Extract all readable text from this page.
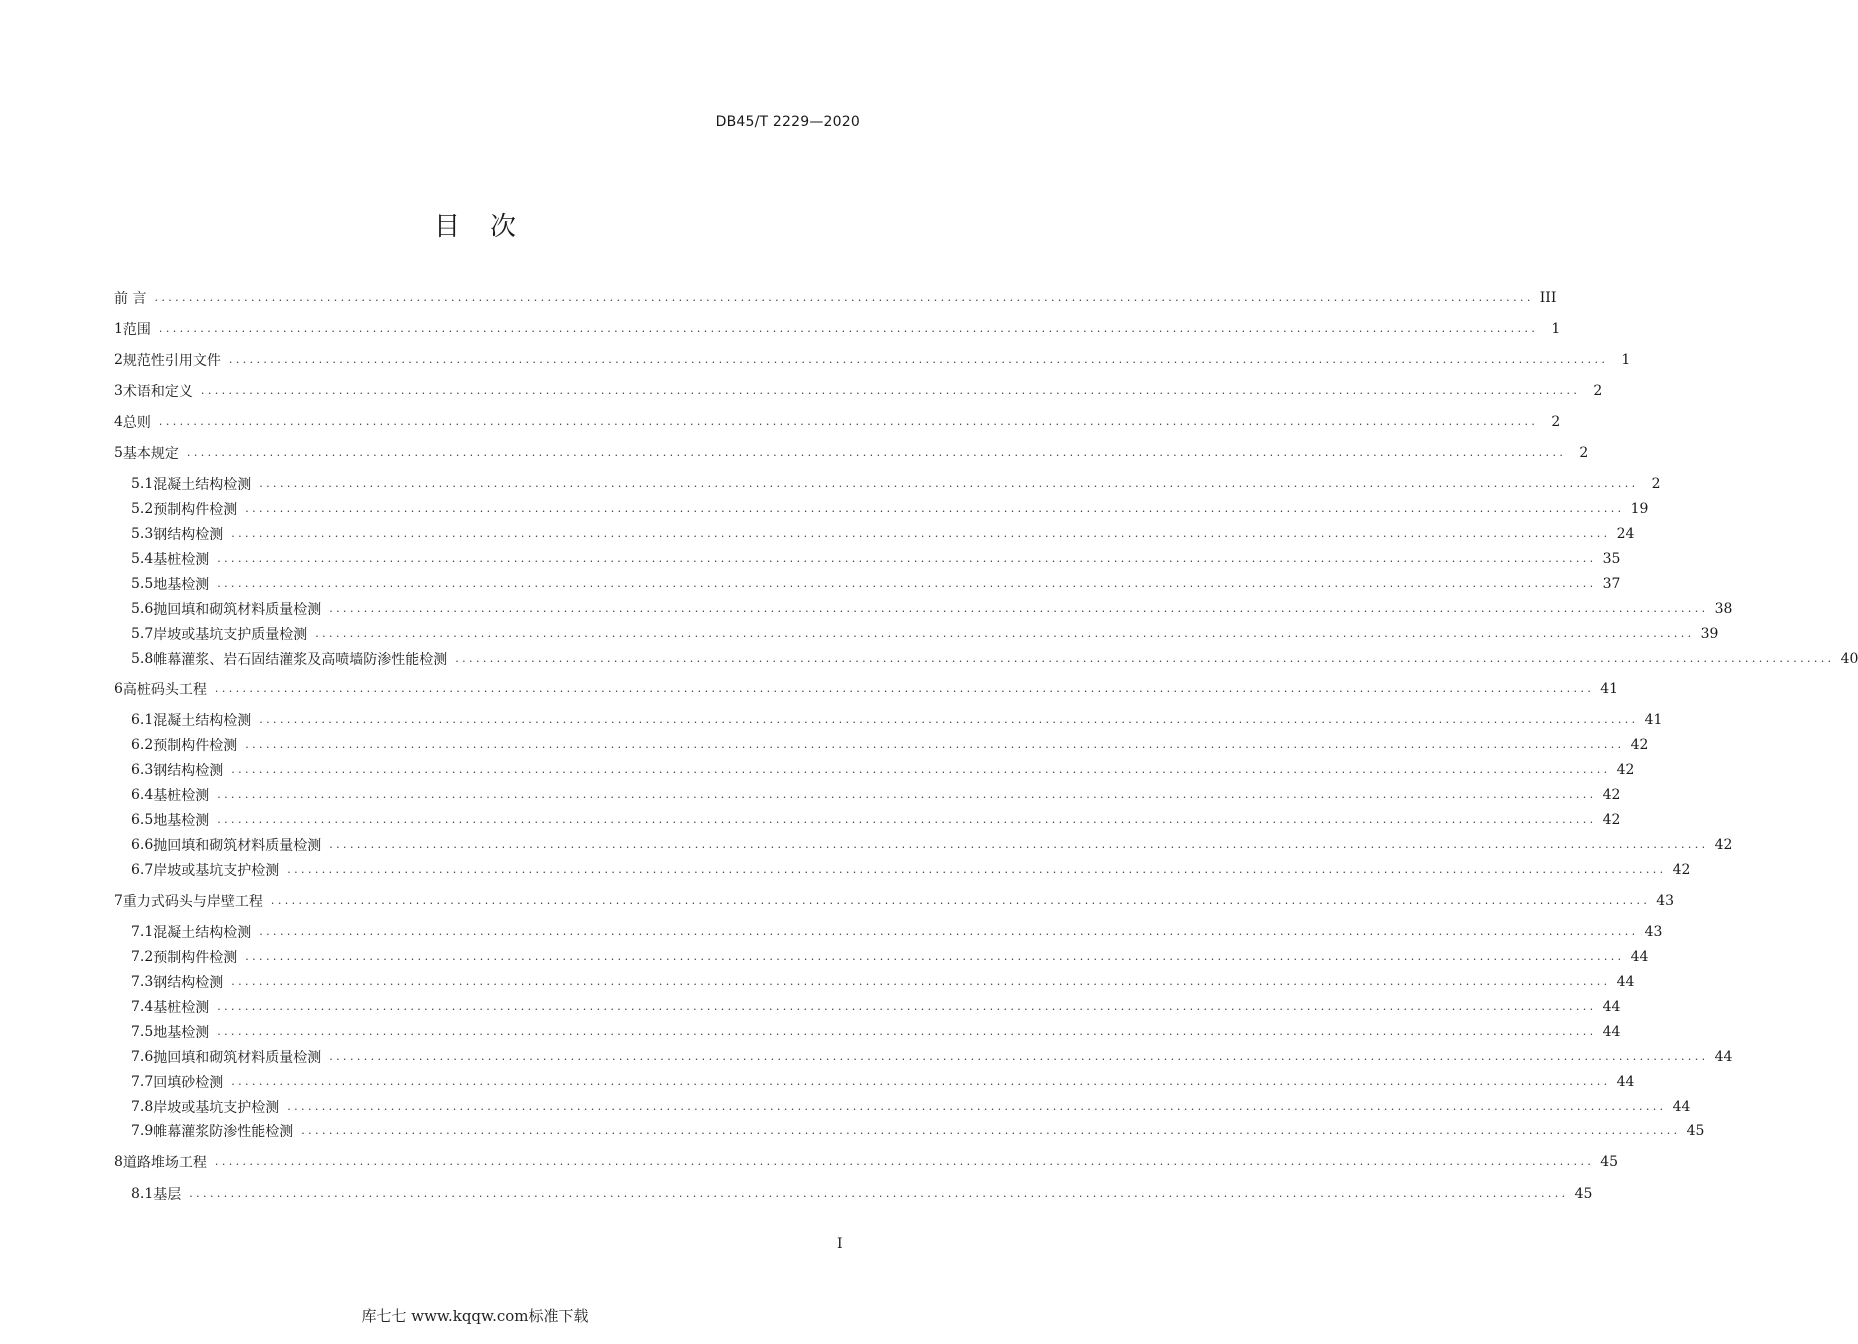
DB45/T 2229—2020
目次
前 言 ........................................................................................................................................................................................................ III
1 范围 ........................................................................................................................................................................................................ 1
2 规范性引用文件 ........................................................................................................................................................................................................ 1
3 术语和定义 ........................................................................................................................................................................................................ 2
4 总则 ........................................................................................................................................................................................................ 2
5 基本规定 ........................................................................................................................................................................................................ 2
5.1 混凝土结构检测 ........................................................................................................................................................................................................ 2
5.2 预制构件检测 ........................................................................................................................................................................................................ 19
5.3 钢结构检测 ........................................................................................................................................................................................................ 24
5.4 基桩检测 ........................................................................................................................................................................................................ 35
5.5 地基检测 ........................................................................................................................................................................................................ 37
5.6 抛回填和砌筑材料质量检测 ........................................................................................................................................................................................................ 38
5.7 岸坡或基坑支护质量检测 ........................................................................................................................................................................................................ 39
5.8 帷幕灌浆、岩石固结灌浆及高喷墙防渗性能检测 ........................................................................................................................................................................................................ 40
6 高桩码头工程 ........................................................................................................................................................................................................ 41
6.1 混凝土结构检测 ........................................................................................................................................................................................................ 41
6.2 预制构件检测 ........................................................................................................................................................................................................ 42
6.3 钢结构检测 ........................................................................................................................................................................................................ 42
6.4 基桩检测 ........................................................................................................................................................................................................ 42
6.5 地基检测 ........................................................................................................................................................................................................ 42
6.6 抛回填和砌筑材料质量检测 ........................................................................................................................................................................................................ 42
6.7 岸坡或基坑支护检测 ........................................................................................................................................................................................................ 42
7 重力式码头与岸壁工程 ........................................................................................................................................................................................................ 43
7.1 混凝土结构检测 ........................................................................................................................................................................................................ 43
7.2 预制构件检测 ........................................................................................................................................................................................................ 44
7.3 钢结构检测 ........................................................................................................................................................................................................ 44
7.4 基桩检测 ........................................................................................................................................................................................................ 44
7.5 地基检测 ........................................................................................................................................................................................................ 44
7.6 抛回填和砌筑材料质量检测 ........................................................................................................................................................................................................ 44
7.7 回填砂检测 ........................................................................................................................................................................................................ 44
7.8 岸坡或基坑支护检测 ........................................................................................................................................................................................................ 44
7.9 帷幕灌浆防渗性能检测 ........................................................................................................................................................................................................ 45
8 道路堆场工程 ........................................................................................................................................................................................................ 45
8.1 基层 ........................................................................................................................................................................................................ 45
I
库七七 www.kqqw.com标准下载
